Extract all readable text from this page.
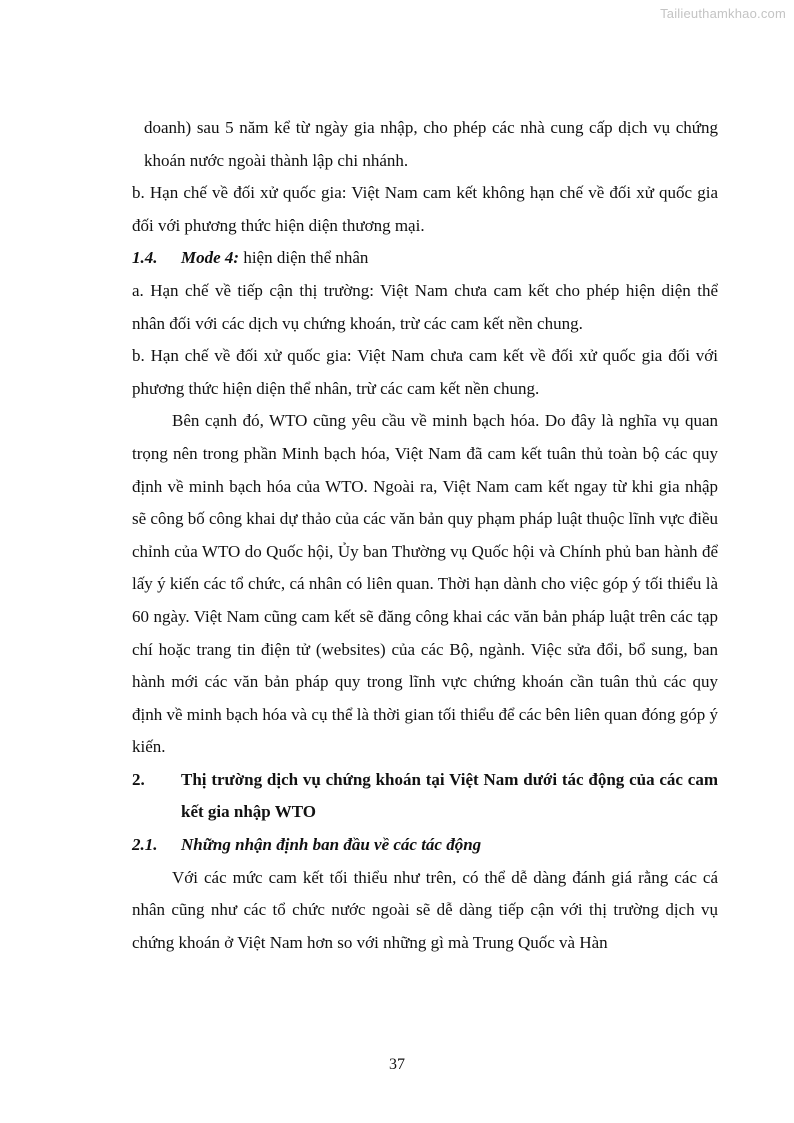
Tailieuthamkhao.com

doanh) sau 5 năm kể từ ngày gia nhập, cho phép các nhà cung cấp dịch vụ chứng khoán nước ngoài thành lập chi nhánh.

b. Hạn chế về đối xử quốc gia: Việt Nam cam kết không hạn chế về đối xử quốc gia đối với phương thức hiện diện thương mại.

1.4. Mode 4: hiện diện thể nhân

a. Hạn chế về tiếp cận thị trường: Việt Nam chưa cam kết cho phép hiện diện thể nhân đối với các dịch vụ chứng khoán, trừ các cam kết nền chung.

b. Hạn chế về đối xử quốc gia: Việt Nam chưa cam kết về đối xử quốc gia đối với phương thức hiện diện thể nhân, trừ các cam kết nền chung.

Bên cạnh đó, WTO cũng yêu cầu về minh bạch hóa. Do đây là nghĩa vụ quan trọng nên trong phần Minh bạch hóa, Việt Nam đã cam kết tuân thủ toàn bộ các quy định về minh bạch hóa của WTO. Ngoài ra, Việt Nam cam kết ngay từ khi gia nhập sẽ công bố công khai dự thảo của các văn bản quy phạm pháp luật thuộc lĩnh vực điều chỉnh của WTO do Quốc hội, Ủy ban Thường vụ Quốc hội và Chính phủ ban hành để lấy ý kiến các tổ chức, cá nhân có liên quan. Thời hạn dành cho việc góp ý tối thiểu là 60 ngày. Việt Nam cũng cam kết sẽ đăng công khai các văn bản pháp luật trên các tạp chí hoặc trang tin điện tử (websites) của các Bộ, ngành. Việc sửa đổi, bổ sung, ban hành mới các văn bản pháp quy trong lĩnh vực chứng khoán cần tuân thủ các quy định về minh bạch hóa và cụ thể là thời gian tối thiểu để các bên liên quan đóng góp ý kiến.

2.	Thị trường dịch vụ chứng khoán tại Việt Nam dưới tác động của các cam kết gia nhập WTO
2.1.	Những nhận định ban đầu về các tác động

Với các mức cam kết tối thiểu như trên, có thể dễ dàng đánh giá rằng các cá nhân cũng như các tổ chức nước ngoài sẽ dễ dàng tiếp cận với thị trường dịch vụ chứng khoán ở Việt Nam hơn so với những gì mà Trung Quốc và Hàn

37
